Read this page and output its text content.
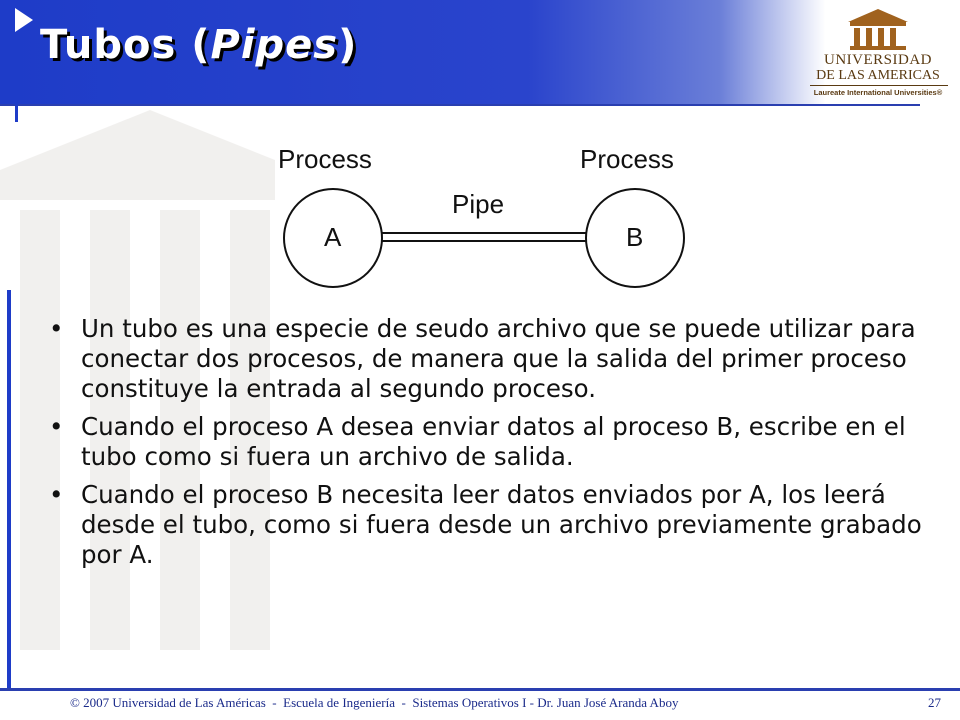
Tubos (Pipes)	UNIVERSIDAD
DE LAS AMERICAS
Laureate International Universities®
Process	Process
Pipe
A	B
• Un tubo es una especie de seudo archivo que se puede utilizar para conectar dos procesos, de manera que la salida del primer proceso constituye la entrada al segundo proceso.
• Cuando el proceso A desea enviar datos al proceso B, escribe en el tubo como si fuera un archivo de salida.
• Cuando el proceso B necesita leer datos enviados por A, los leerá desde el tubo, como si fuera desde un archivo previamente grabado por A.
© 2007 Universidad de Las Américas  -  Escuela de Ingeniería  -  Sistemas Operativos I - Dr. Juan José Aranda Aboy	27
